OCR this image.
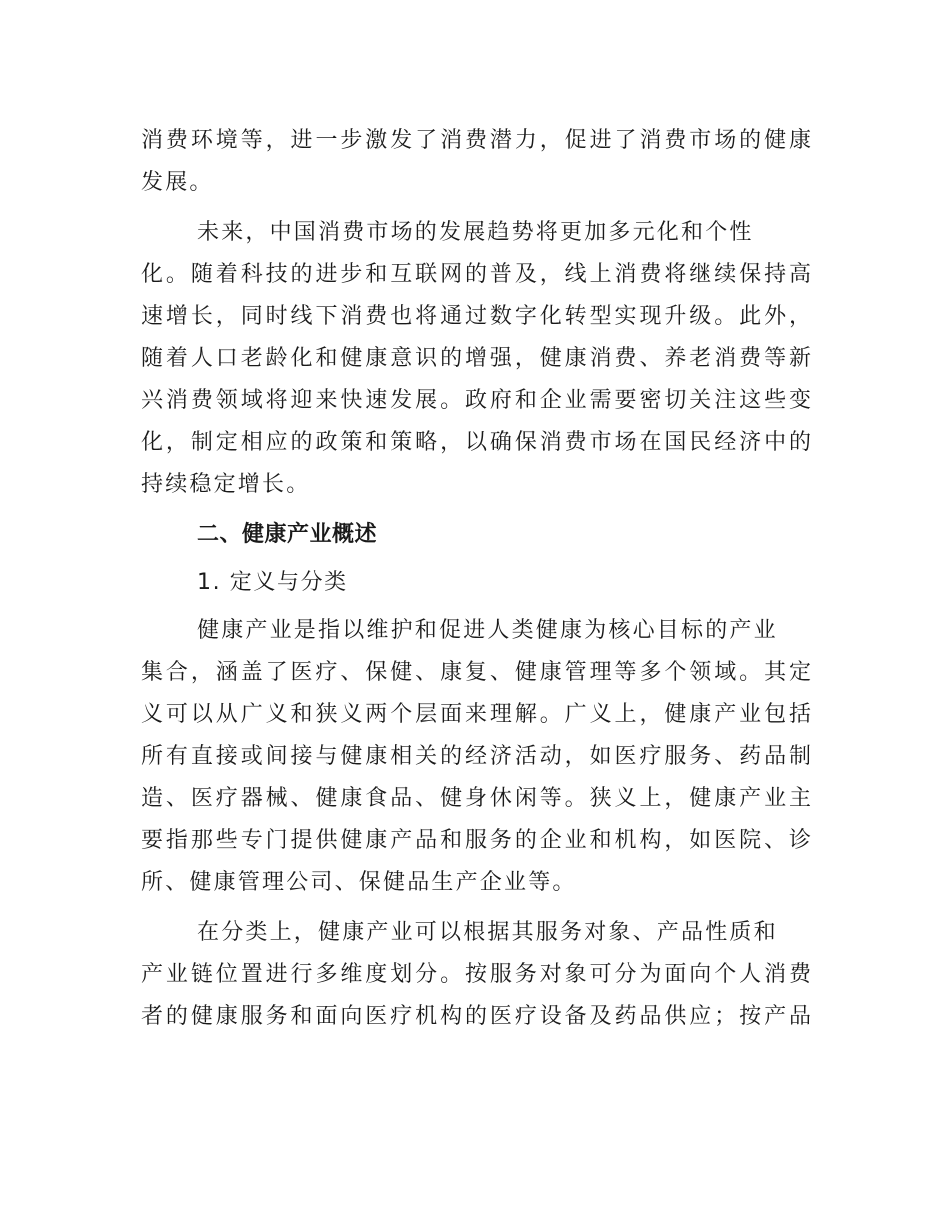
消费环境等，进一步激发了消费潜力，促进了消费市场的健康
发展。
未来，中国消费市场的发展趋势将更加多元化和个性
化。随着科技的进步和互联网的普及，线上消费将继续保持高
速增长，同时线下消费也将通过数字化转型实现升级。此外，
随着人口老龄化和健康意识的增强，健康消费、养老消费等新
兴消费领域将迎来快速发展。政府和企业需要密切关注这些变
化，制定相应的政策和策略，以确保消费市场在国民经济中的
持续稳定增长。
二、健康产业概述
1. 定义与分类
健康产业是指以维护和促进人类健康为核心目标的产业
集合，涵盖了医疗、保健、康复、健康管理等多个领域。其定
义可以从广义和狭义两个层面来理解。广义上，健康产业包括
所有直接或间接与健康相关的经济活动，如医疗服务、药品制
造、医疗器械、健康食品、健身休闲等。狭义上，健康产业主
要指那些专门提供健康产品和服务的企业和机构，如医院、诊
所、健康管理公司、保健品生产企业等。
在分类上，健康产业可以根据其服务对象、产品性质和
产业链位置进行多维度划分。按服务对象可分为面向个人消费
者的健康服务和面向医疗机构的医疗设备及药品供应；按产品
